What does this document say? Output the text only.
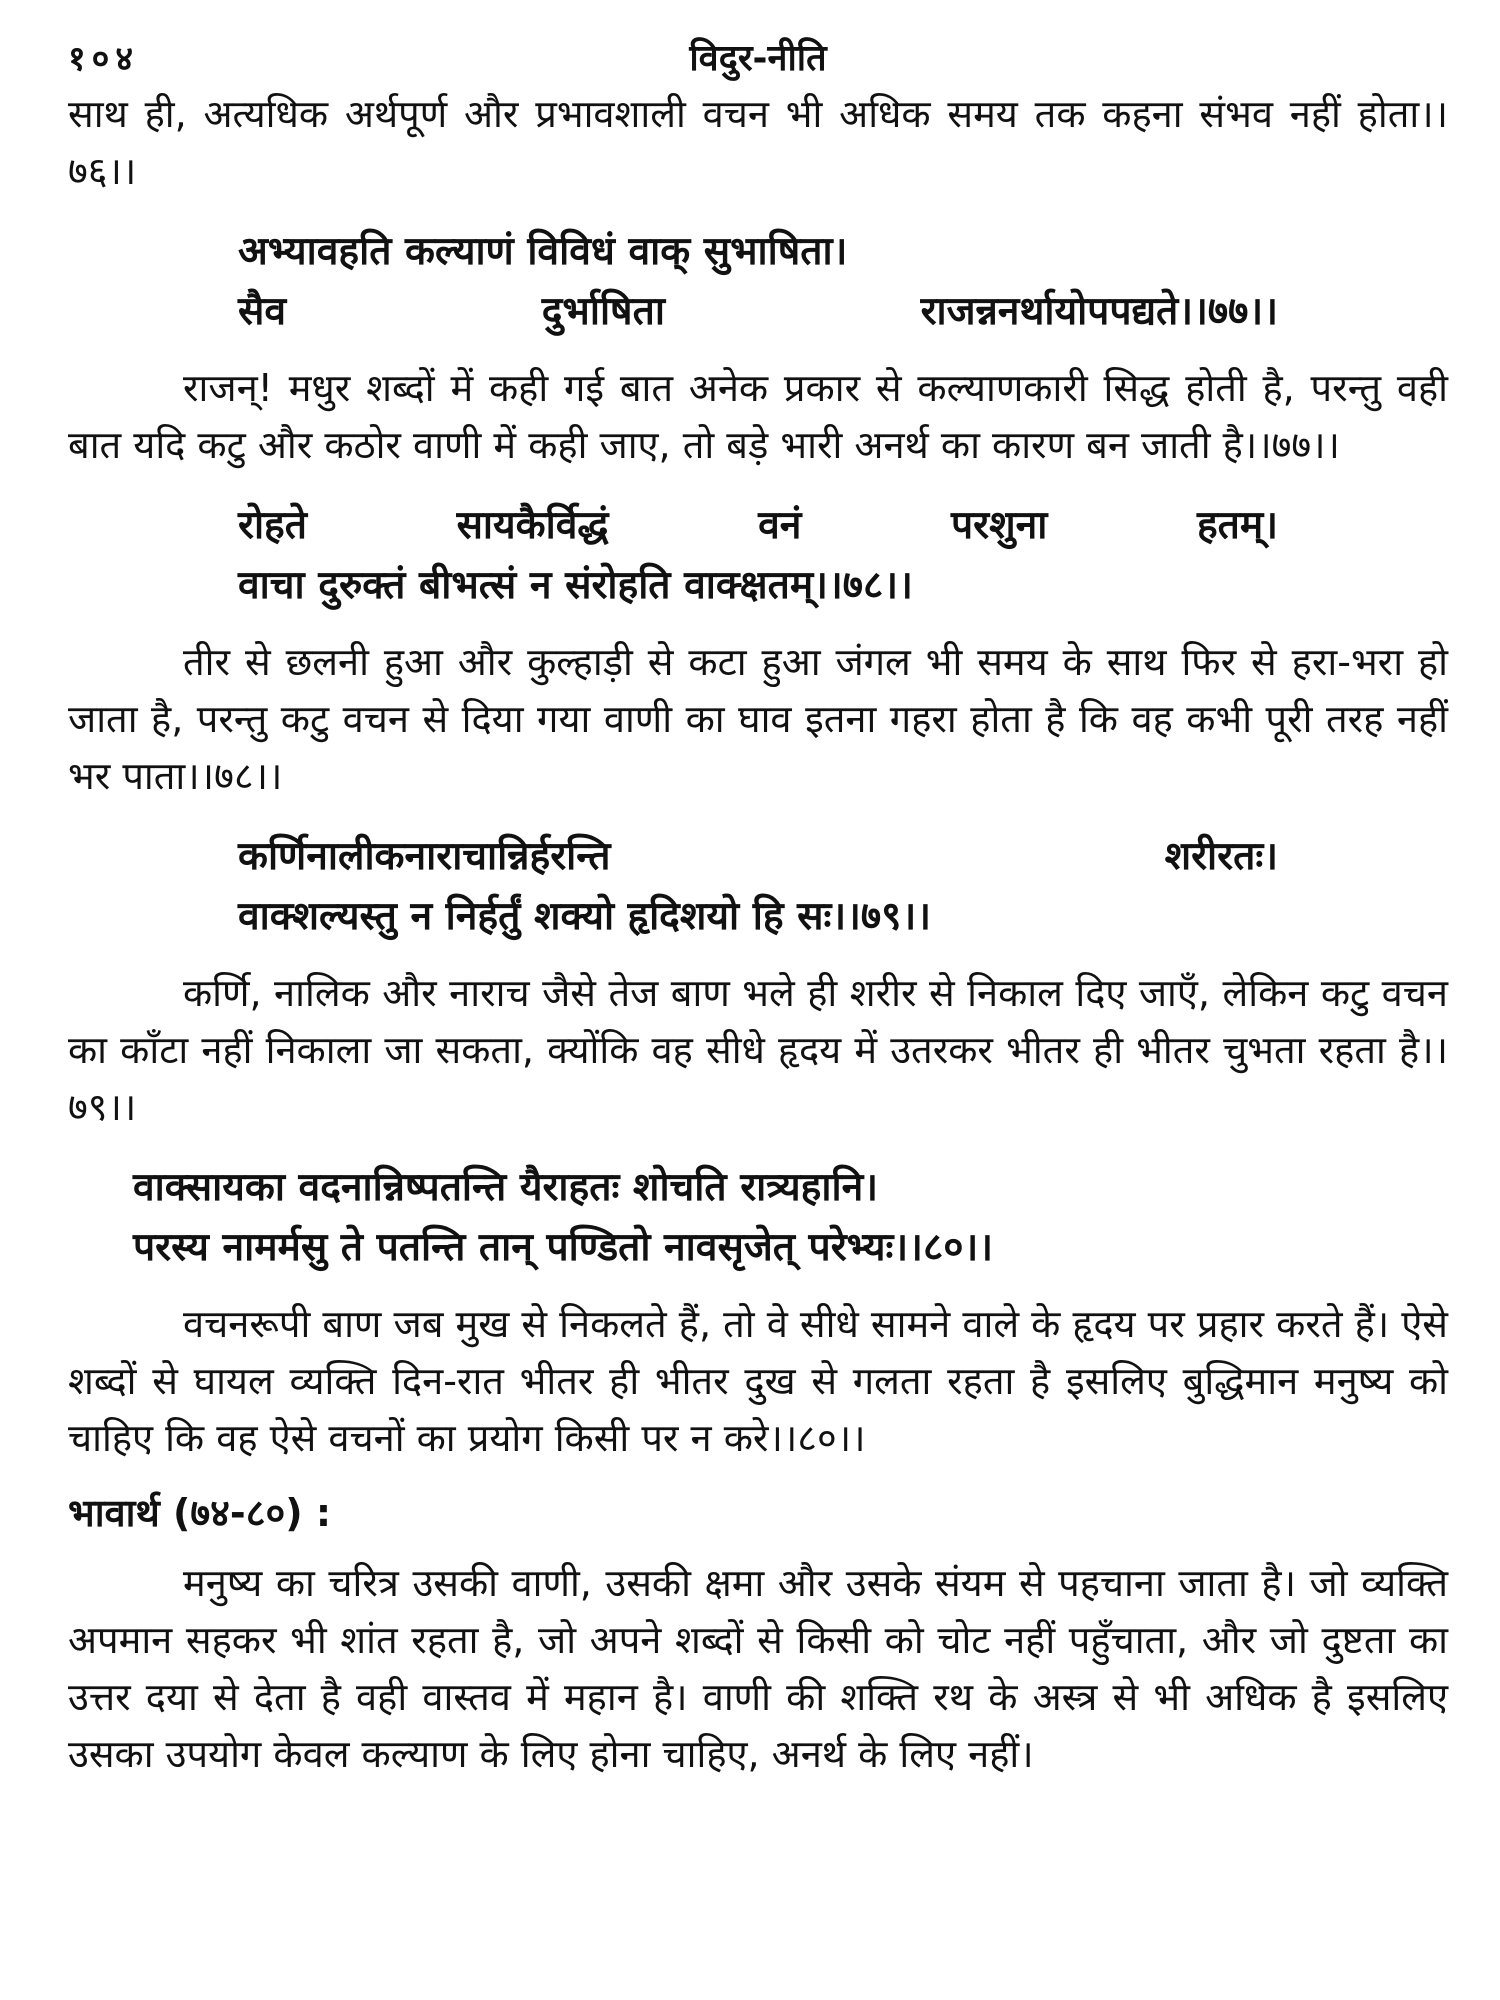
१०४	विदुर-नीति

साथ ही, अत्यधिक अर्थपूर्ण और प्रभावशाली वचन भी अधिक समय तक कहना संभव नहीं होता।।७६।।

अभ्यावहति कल्याणं विविधं वाक् सुभाषिता।
सैव	दुर्भाषिता	राजन्ननर्थायोपपद्यते।।७७।।

राजन्! मधुर शब्दों में कही गई बात अनेक प्रकार से कल्याणकारी सिद्ध होती है, परन्तु वही बात यदि कटु और कठोर वाणी में कही जाए, तो बड़े भारी अनर्थ का कारण बन जाती है।।७७।।

रोहते	सायकैर्विद्धं	वनं	परशुना	हतम्।
वाचा दुरुक्तं बीभत्सं न संरोहति वाक्क्षतम्।।७८।।

तीर से छलनी हुआ और कुल्हाड़ी से कटा हुआ जंगल भी समय के साथ फिर से हरा-भरा हो जाता है, परन्तु कटु वचन से दिया गया वाणी का घाव इतना गहरा होता है कि वह कभी पूरी तरह नहीं भर पाता।।७८।।

कर्णिनालीकनाराचान्निर्हरन्ति	शरीरतः।
वाक्शल्यस्तु न निर्हर्तुं शक्यो हृदिशयो हि सः।।७९।।

कर्णि, नालिक और नाराच जैसे तेज बाण भले ही शरीर से निकाल दिए जाएँ, लेकिन कटु वचन का काँटा नहीं निकाला जा सकता, क्योंकि वह सीधे हृदय में उतरकर भीतर ही भीतर चुभता रहता है।।७९।।

वाक्सायका वदनान्निष्पतन्ति यैराहतः शोचति रात्र्यहानि।
परस्य नामर्मसु ते पतन्ति तान् पण्डितो नावसृजेत् परेभ्यः।।८०।।

वचनरूपी बाण जब मुख से निकलते हैं, तो वे सीधे सामने वाले के हृदय पर प्रहार करते हैं। ऐसे शब्दों से घायल व्यक्ति दिन-रात भीतर ही भीतर दुख से गलता रहता है इसलिए बुद्धिमान मनुष्य को चाहिए कि वह ऐसे वचनों का प्रयोग किसी पर न करे।।८०।।

भावार्थ (७४-८०) :

मनुष्य का चरित्र उसकी वाणी, उसकी क्षमा और उसके संयम से पहचाना जाता है। जो व्यक्ति अपमान सहकर भी शांत रहता है, जो अपने शब्दों से किसी को चोट नहीं पहुँचाता, और जो दुष्टता का उत्तर दया से देता है वही वास्तव में महान है। वाणी की शक्ति रथ के अस्त्र से भी अधिक है इसलिए उसका उपयोग केवल कल्याण के लिए होना चाहिए, अनर्थ के लिए नहीं।
